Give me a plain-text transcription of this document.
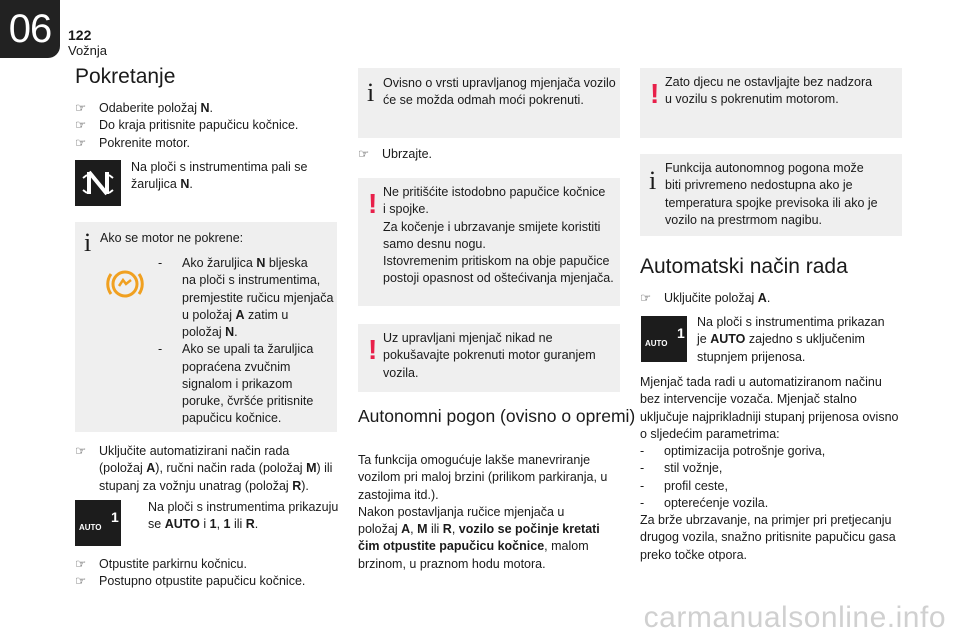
06	122
Vožnja
Pokretanje
☞ Odaberite položaj N.
☞ Do kraja pritisnite papučicu kočnice.
☞ Pokrenite motor.
Na ploči s instrumentima pali se
žaruljica N.
i Ako se motor ne pokrene:
- Ako žaruljica N bljeska
na ploči s instrumentima,
premjestite ručicu mjenjača
u položaj A zatim u
položaj N.
- Ako se upali ta žaruljica
popraćena zvučnim
signalom i prikazom
poruke, čvršće pritisnite
papučicu kočnice.
☞ Uključite automatizirani način rada
(položaj A), ručni način rada (položaj M) ili
stupanj za vožnju unatrag (položaj R).
AUTO
1
Na ploči s instrumentima prikazuju
se AUTO i 1, 1 ili R.
☞ Otpustite parkirnu kočnicu.
☞ Postupno otpustite papučicu kočnice.
i Ovisno o vrsti upravljanog mjenjača vozilo
će se možda odmah moći pokrenuti.
☞ Ubrzajte.
! Ne pritišćite istodobno papučice kočnice
i spojke.
Za kočenje i ubrzavanje smijete koristiti
samo desnu nogu.
Istovremenim pritiskom na obje papučice
postoji opasnost od oštećivanja mjenjača.
! Uz upravljani mjenjač nikad ne
pokušavajte pokrenuti motor guranjem
vozila.
Autonomni pogon (ovisno o opremi)
Ta funkcija omogućuje lakše manevriranje
vozilom pri maloj brzini (prilikom parkiranja, u
zastojima itd.).
Nakon postavljanja ručice mjenjača u
položaj A, M ili R, vozilo se počinje kretati
čim otpustite papučicu kočnice, malom
brzinom, u praznom hodu motora.
! Zato djecu ne ostavljajte bez nadzora
u vozilu s pokrenutim motorom.
i Funkcija autonomnog pogona može
biti privremeno nedostupna ako je
temperatura spojke previsoka ili ako je
vozilo na prestrmom nagibu.
Automatski način rada
☞ Uključite položaj A.
AUTO
1
Na ploči s instrumentima prikazan
je AUTO zajedno s uključenim
stupnjem prijenosa.
Mjenjač tada radi u automatiziranom načinu
bez intervencije vozača. Mjenjač stalno
uključuje najprikladniji stupanj prijenosa ovisno
o sljedećim parametrima:
- optimizacija potrošnje goriva,
- stil vožnje,
- profil ceste,
- opterećenje vozila.
Za brže ubrzavanje, na primjer pri pretjecanju
drugog vozila, snažno pritisnite papučicu gasa
preko točke otpora.
carmanualsonline.info
